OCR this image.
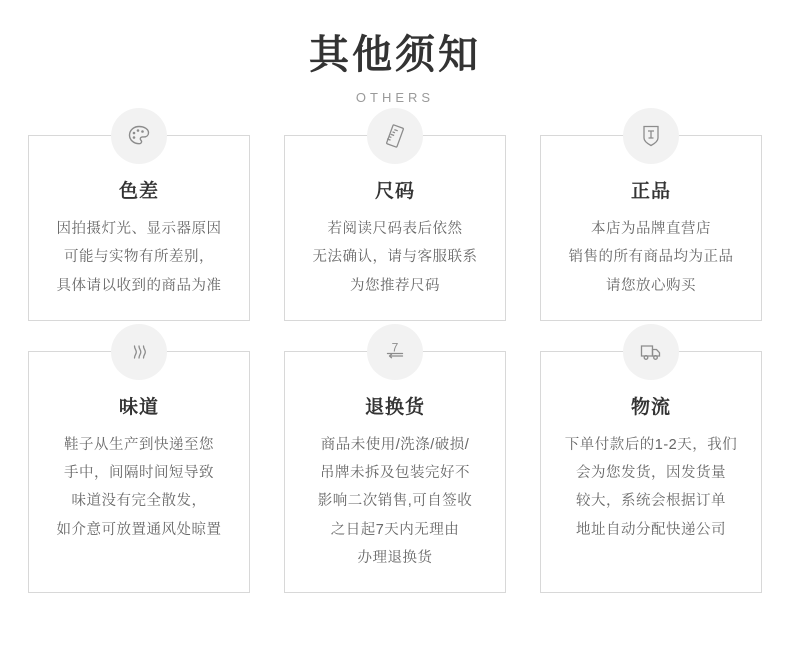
其他须知
OTHERS
色差
因拍摄灯光、显示器原因
可能与实物有所差别，
具体请以收到的商品为准
尺码
若阅读尺码表后依然
无法确认，请与客服联系
为您推荐尺码
正品
本店为品牌直营店
销售的所有商品均为正品
请您放心购买
味道
鞋子从生产到快递至您
手中，间隔时间短导致
味道没有完全散发，
如介意可放置通风处晾置
7
退换货
商品未使用/洗涤/破损/
吊牌未拆及包装完好不
影响二次销售,可自签收
之日起7天内无理由
办理退换货
物流
下单付款后的1-2天，我们
会为您发货，因发货量
较大，系统会根据订单
地址自动分配快递公司
